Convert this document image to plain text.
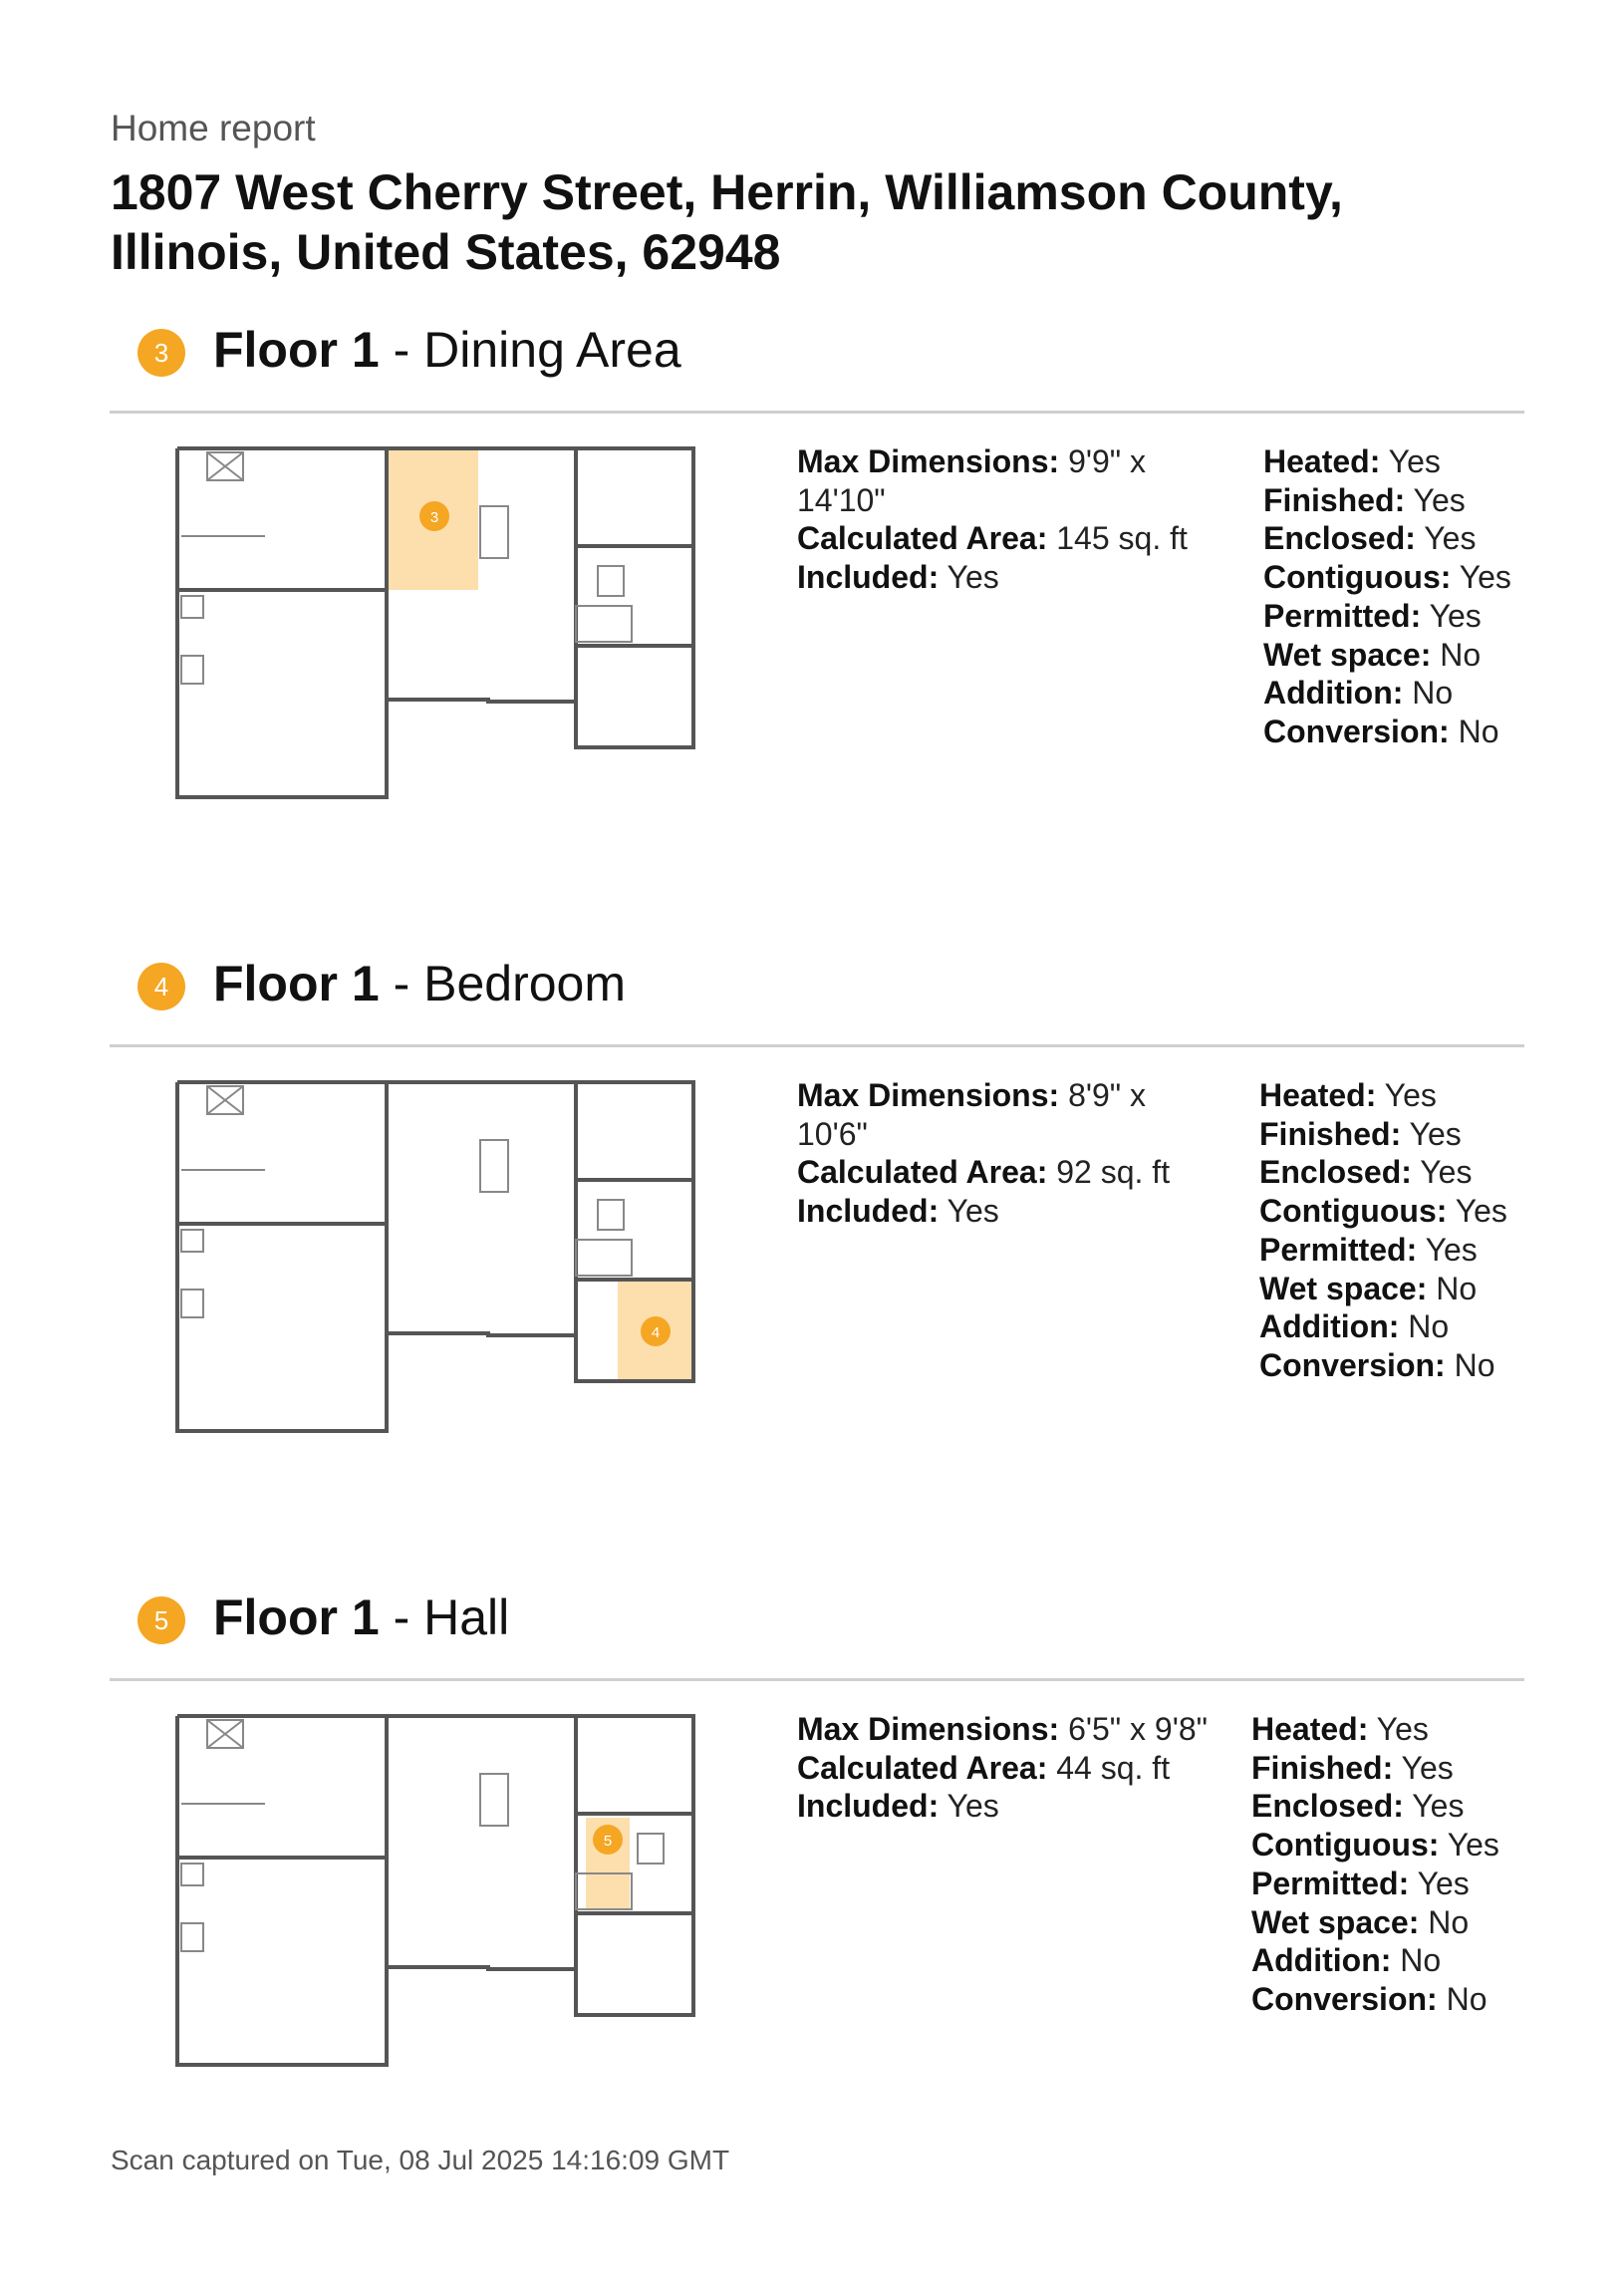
Home report
1807 West Cherry Street, Herrin, Williamson County, Illinois, United States, 62948
3 Floor 1 - Dining Area
3
Max Dimensions: 9'9" x 14'10"
Calculated Area: 145 sq. ft
Included: Yes
Heated: Yes
Finished: Yes
Enclosed: Yes
Contiguous: Yes
Permitted: Yes
Wet space: No
Addition: No
Conversion: No
4 Floor 1 - Bedroom
4
Max Dimensions: 8'9" x 10'6"
Calculated Area: 92 sq. ft
Included: Yes
Heated: Yes
Finished: Yes
Enclosed: Yes
Contiguous: Yes
Permitted: Yes
Wet space: No
Addition: No
Conversion: No
5 Floor 1 - Hall
5
Max Dimensions: 6'5" x 9'8"
Calculated Area: 44 sq. ft
Included: Yes
Heated: Yes
Finished: Yes
Enclosed: Yes
Contiguous: Yes
Permitted: Yes
Wet space: No
Addition: No
Conversion: No
Scan captured on Tue, 08 Jul 2025 14:16:09 GMT
